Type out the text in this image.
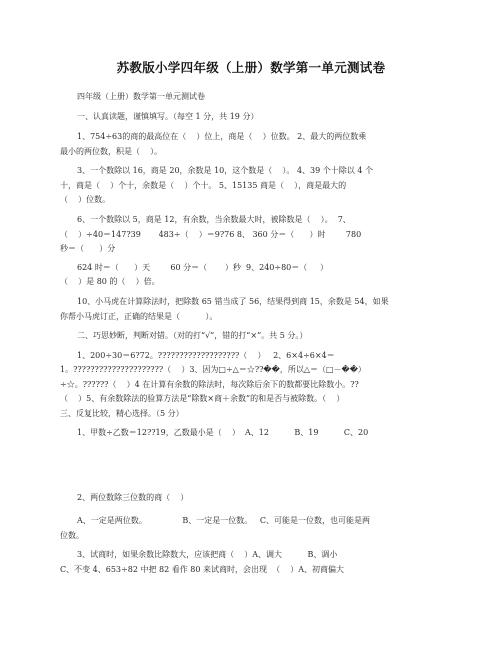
苏教版小学四年级（上册）数学第一单元测试卷
四年级（上册）数学第一单元测试卷
一、认真读题，谨慎填写。（每空 1 分，共 19 分）
1、754÷63的商的最高位在（    ）位上，商是（    ）位数。 2、最大的两位数乘
最小的两位数，积是（    ）。
3、一个数除以 16，商是 20，余数是 10，这个数是（    ）。 4、39 个十除以 4 个
十，商是（    ）个十，余数是（    ）个十。 5、15135 商是（    ），商是最大的
（    ）位数。
6、一个数除以 5，商是 12，有余数，当余数最大时，被除数是（    ）。  7、
（    ）÷40＝147?39       483÷（    ）＝9?76 8、 360 分＝（      ）时        780
秒＝（      ）分
624 时＝（      ）天        60 分＝（       ）秒  9、240÷80＝（     ）
（    ）是 80 的（    ）倍。
10、小马虎在计算除法时，把除数 65 错当成了 56，结果得到商 15，余数是 54，如果
你帮小马虎订正，正确的结果是（          ）。
二、巧思妙断，判断对错。（对的打“√”，错的打“×”。共 5 分。）
1、200÷30＝6?72。???????????????????（    ）   2、6×4÷6×4＝
1。?????????????????????（    ）3、因为□÷△＝☆??��，所以△＝（□－��）
÷☆。??????（    ）4 在计算有余数的除法时，每次除后余下的数都要比除数小。??
（    ）5、有余数除法的验算方法是“除数×商＋余数”的和是否与被除数。（    ）
三、反复比较，精心选择。（5 分）
1、甲数÷乙数＝12??19，乙数最小是（    ）  A、12          B、19          C、20
2、两位数除三位数的商（    ）
A、一定是两位数。              B、一定是一位数。   C、可能是一位数，也可能是两
位数。
3、试商时，如果余数比除数大，应该把商（    ）A、调大          B、调小
C、不变 4、653÷82 中把 82 看作 80 来试商时，会出现  （    ）A、初商偏大
